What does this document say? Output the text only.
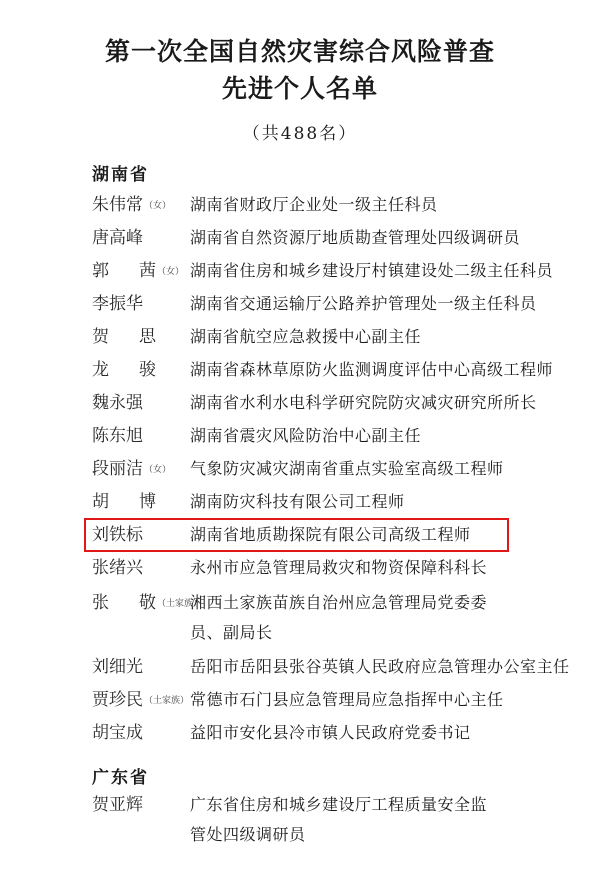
第一次全国自然灾害综合风险普查
先进个人名单
（共488名）
湖南省
朱伟常（女） 湖南省财政厅企业处一级主任科员
唐高峰	湖南省自然资源厅地质勘查管理处四级调研员
郭 茜（女） 湖南省住房和城乡建设厅村镇建设处二级主任科员
李振华	湖南省交通运输厅公路养护管理处一级主任科员
贺 思 湖南省航空应急救援中心副主任
龙 骏 湖南省森林草原防火监测调度评估中心高级工程师
魏永强	湖南省水利水电科学研究院防灾减灾研究所所长
陈东旭	湖南省震灾风险防治中心副主任
段丽洁（女） 气象防灾减灾湖南省重点实验室高级工程师
胡 博 湖南防灾科技有限公司工程师
刘铁标	湖南省地质勘探院有限公司高级工程师
张绪兴	永州市应急管理局救灾和物资保障科科长
张 敬（土家族）
湘西土家族苗族自治州应急管理局党委委员、副局长
刘细光	岳阳市岳阳县张谷英镇人民政府应急管理办公室主任
贾珍民（土家族） 常德市石门县应急管理局应急指挥中心主任
胡宝成	益阳市安化县冷市镇人民政府党委书记
广东省
贺亚辉	广东省住房和城乡建设厅工程质量安全监管处四级调研员
